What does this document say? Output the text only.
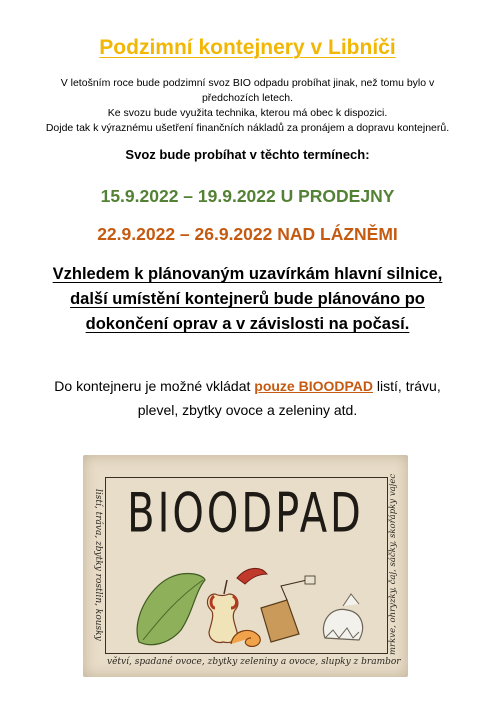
Podzimní kontejnery v Libníči
V letošním roce bude podzimní svoz BIO odpadu probíhat jinak, než tomu bylo v
předchozích letech.
Ke svozu bude využita technika, kterou má obec k dispozici.
Dojde tak k výraznému ušetření finančních nákladů za pronájem a dopravu kontejnerů.
Svoz bude probíhat v těchto termínech:
15.9.2022 – 19.9.2022 U PRODEJNY
22.9.2022 – 26.9.2022 NAD LÁZNĚMI
Vzhledem k plánovaným uzavírkám hlavní silnice,
další umístění kontejnerů bude plánováno po
dokončení oprav a v závislosti na počasí.
Do kontejneru je možné vkládat pouze BIOODPAD listí, trávu,
plevel, zbytky ovoce a zeleniny atd.
BIOODPAD
listí, tráva, zbytky rostlin, kousky	mrkve, ohryzky, čaj, sáčky, skořápky vajec
větví, spadané ovoce, zbytky zeleniny a ovoce, slupky z brambor
